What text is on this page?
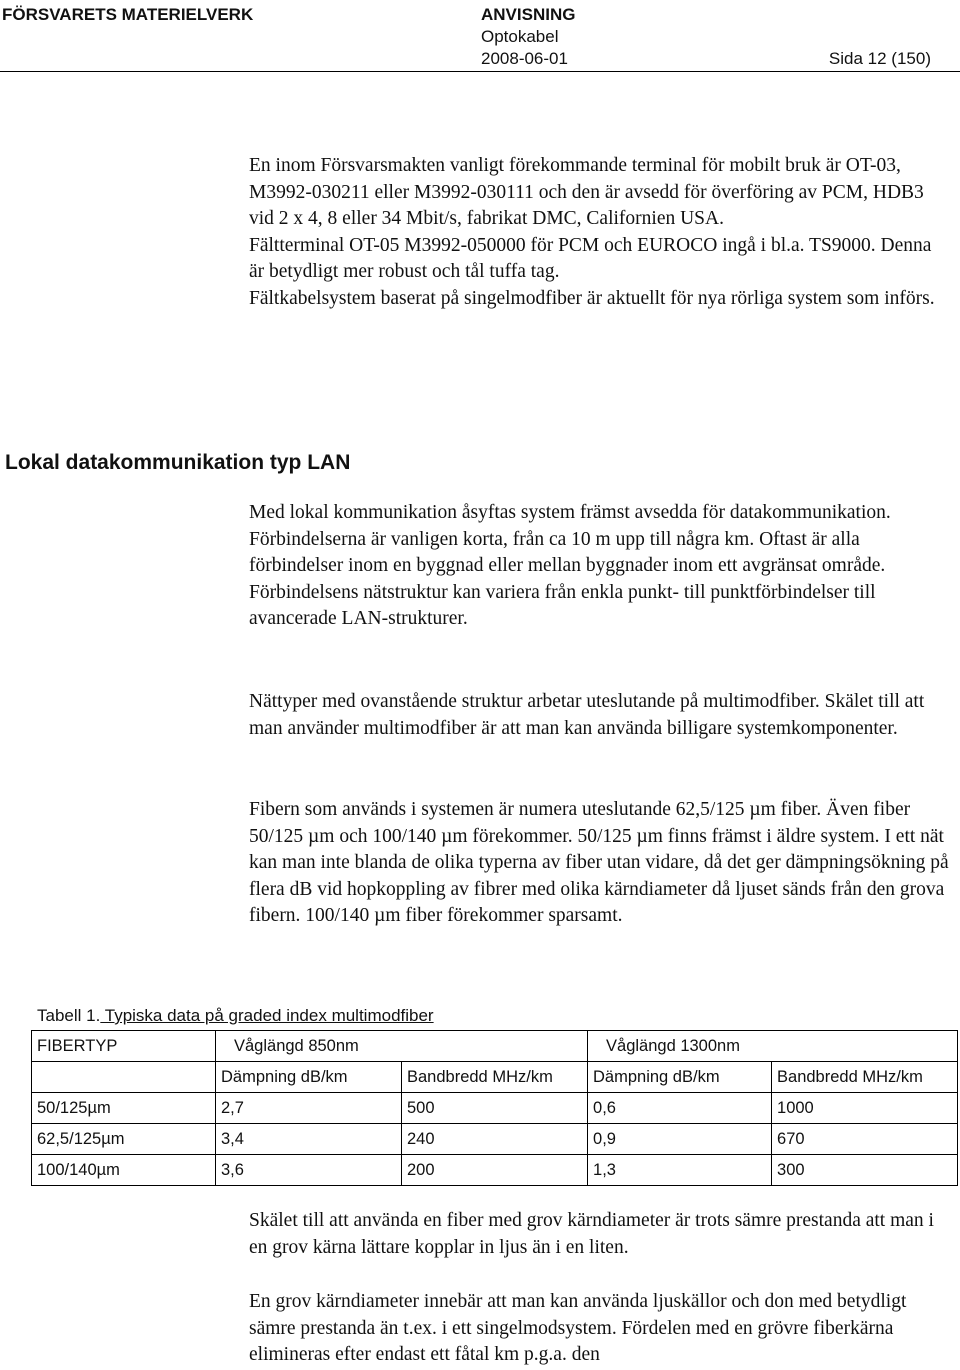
FÖRSVARETS MATERIELVERK	ANVISNING
Optokabel
2008-06-01	Sida 12 (150)

En inom Försvarsmakten vanligt förekommande terminal för mobilt bruk är OT-03, M3992-030211 eller M3992-030111 och den är avsedd för överföring av PCM, HDB3 vid 2 x 4, 8 eller 34 Mbit/s, fabrikat DMC, Californien USA.

Fältterminal OT-05 M3992-050000 för PCM och EUROCO ingå i bl.a. TS9000. Denna är betydligt mer robust och tål tuffa tag.

Fältkabelsystem baserat på singelmodfiber är aktuellt för nya rörliga system som införs.

Lokal datakommunikation typ LAN

Med lokal kommunikation åsyftas system främst avsedda för datakommunikation. Förbindelserna är vanligen korta, från ca 10 m upp till några km. Oftast är alla förbindelser inom en byggnad eller mellan byggnader inom ett avgränsat område. Förbindelsens nätstruktur kan variera från enkla punkt- till punktförbindelser till avancerade LAN-strukturer.

Nättyper med ovanstående struktur arbetar uteslutande på multimodfiber. Skälet till att man använder multimodfiber är att man kan använda billigare systemkomponenter.

Fibern som används i systemen är numera uteslutande 62,5/125 µm fiber. Även fiber 50/125 µm och 100/140 µm förekommer. 50/125 µm finns främst i äldre system. I ett nät kan man inte blanda de olika typerna av fiber utan vidare, då det ger dämpningsökning på flera dB vid hopkoppling av fibrer med olika kärndiameter då ljuset sänds från den grova fibern. 100/140 µm fiber förekommer sparsamt.

Tabell 1. Typiska data på graded index multimodfiber
FIBERTYP	Våglängd 850nm		Våglängd 1300nm	
	Dämpning dB/km	Bandbredd MHz/km	Dämpning dB/km	Bandbredd MHz/km
50/125µm	2,7	500	0,6	1000
62,5/125µm	3,4	240	0,9	670
100/140µm	3,6	200	1,3	300

Skälet till att använda en fiber med grov kärndiameter är trots sämre prestanda att man i en grov kärna lättare kopplar in ljus än i en liten.

En grov kärndiameter innebär att man kan använda ljuskällor och don med betydligt sämre prestanda än t.ex. i ett singelmodsystem. Fördelen med en grövre fiberkärna elimineras efter endast ett fåtal km p.g.a. den
